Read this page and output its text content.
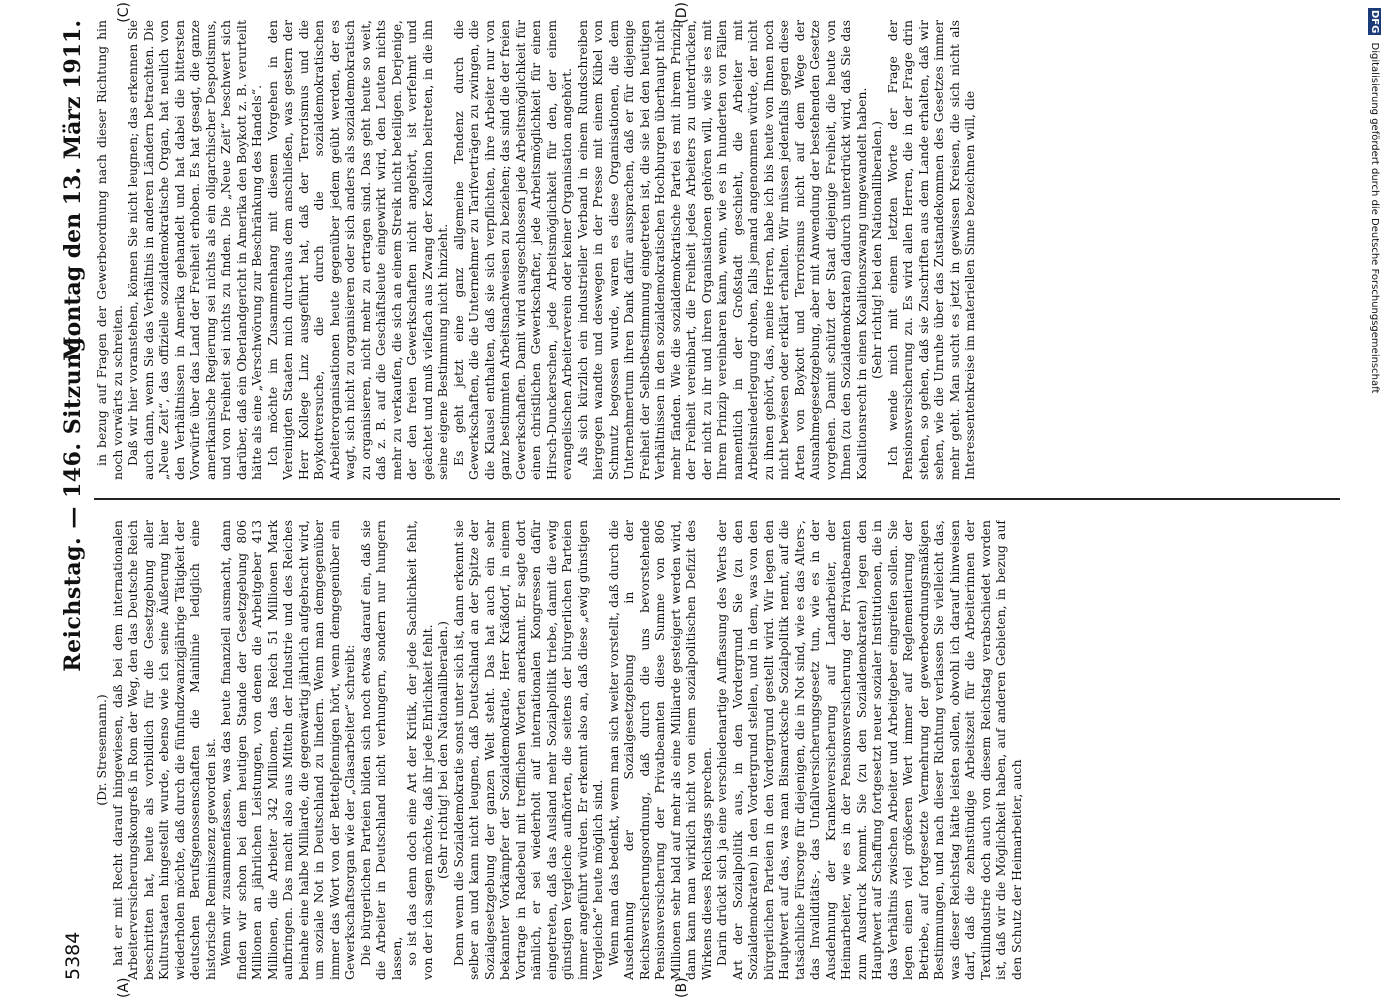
5384
Reichstag. — 146. Sitzung.
Montag den 13. März 1911.
(A)	(B)
(C)	(D)

(Dr. Stresemann.) hat er mit Recht darauf hingewiesen, daß bei dem internationalen Arbeiterversicherungskongreß in Rom der Weg, den das Deutsche Reich beschritten hat, heute als vorbildlich für die Gesetzgebung aller Kulturstaaten hingestellt wurde, ebenso wie ich seine Äußerung hier wiederholen möchte, daß durch die fünfundzwanzigjährige Tätigkeit der deutschen Berufsgenossenschaften die Mainlinie lediglich eine historische Reminiszenz geworden ist. Wenn wir zusammenfassen, was das heute finanziell ausmacht, dann finden wir schon bei dem heutigen Stande der Gesetzgebung 806 Millionen an jährlichen Leistungen, von denen die Arbeitgeber 413 Millionen, die Arbeiter 342 Millionen, das Reich 51 Millionen Mark aufbringen. Das macht also aus Mitteln der Industrie und des Reiches beinahe eine halbe Milliarde, die gegenwärtig jährlich aufgebracht wird, um soziale Not in Deutschland zu lindern. Wenn man demgegenüber immer das Wort von der Bettelpfennigen hört, wenn demgegenüber ein Gewerkschaftsorgan wie der „Glasarbeiter“ schreibt: Die bürgerlichen Parteien bilden sich noch etwas darauf ein, daß sie die Arbeiter in Deutschland nicht verhungern, sondern nur hungern lassen, so ist das denn doch eine Art der Kritik, der jede Sachlichkeit fehlt, von der ich sagen möchte, daß ihr jede Ehrlichkeit fehlt. (Sehr richtig! bei den Nationalliberalen.) Denn wenn die Sozialdemokratie sonst unter sich ist, dann erkennt sie selber an und kann nicht leugnen, daß Deutschland an der Spitze der Sozialgesetzgebung der ganzen Welt steht. Das hat auch ein sehr bekannter Vorkämpfer der Sozialdemokratie, Herr Kräßdorf, in einem Vortrage in Radebeul mit trefflichen Worten anerkannt. Er sagte dort nämlich, er sei wiederholt auf internationalen Kongressen dafür eingetreten, daß das Ausland mehr Sozialpolitik triebe, damit die ewig günstigen Vergleiche aufhörten, die seitens der bürgerlichen Parteien immer angeführt würden. Er erkennt also an, daß diese „ewig günstigen Vergleiche“ heute möglich sind. Wenn man das bedenkt, wenn man sich weiter vorstellt, daß durch die Ausdehnung der Sozialgesetzgebung in der Reichsversicherungsordnung, daß durch die uns bevorstehende Pensionsversicherung der Privatbeamten diese Summe von 806 Millionen sehr bald auf mehr als eine Milliarde gesteigert werden wird, dann kann man wirklich nicht von einem sozialpolitischen Defizit des Wirkens dieses Reichstags sprechen. Darin drückt sich ja eine verschiedenartige Auffassung des Werts der Art der Sozialpolitik aus, in den Vordergrund Sie (zu den Sozialdemokraten) in den Vordergrund stellen, und in dem, was von den bürgerlichen Parteien in den Vordergrund gestellt wird. Wir legen den Hauptwert auf das, was man Bismarcksche Sozialpolitik nennt, auf die tatsächliche Fürsorge für diejenigen, die in Not sind, wie es das Alters-, das Invaliditäts-, das Unfallversicherungsgesetz tun, wie es in der Ausdehnung der Krankenversicherung auf Landarbeiter, der Heimarbeiter, wie es in der Pensionsversicherung der Privatbeamten zum Ausdruck kommt. Sie (zu den Sozialdemokraten) legen den Hauptwert auf Schaffung fortgesetzt neuer sozialer Institutionen, die in das Verhältnis zwischen Arbeiter und Arbeitgeber eingreifen sollen. Sie legen einen viel größeren Wert immer auf Reglementierung der Betriebe, auf fortgesetzte Vermehrung der gewerbeordnungsmäßigen Bestimmungen, und nach dieser Richtung verlassen Sie vielleicht das, was dieser Reichstag hätte leisten sollen, obwohl ich darauf hinweisen darf, daß die zehnstündige Arbeitszeit für die Arbeiterinnen der Textilindustrie doch auch von diesem Reichstag verabschiedet worden ist, daß wir die Möglichkeit haben, auf anderen Gebieten, in bezug auf den Schutz der Heimarbeiter, auch

in bezug auf Fragen der Gewerbeordnung nach dieser Richtung hin noch vorwärts zu schreiten. Daß wir hier voranstehen, können Sie nicht leugnen; das erkennen Sie auch dann, wenn Sie das Verhältnis in anderen Ländern betrachten. Die „Neue Zeit“, das offizielle sozialdemokratische Organ, hat neulich von den Verhältnissen in Amerika gehandelt und hat dabei die bittersten Vorwürfe über das Land der Freiheit erhoben. Es hat gesagt, die ganze amerikanische Regierung sei nichts als ein oligarchischer Despotismus, und von Freiheit sei nichts zu finden. Die „Neue Zeit“ beschwert sich darüber, daß ein Oberlandgericht in Amerika den Boykott z. B. verurteilt hätte als eine „Verschwörung zur Beschränkung des Handels“. Ich möchte im Zusammenhang mit diesem Vorgehen in den Vereinigten Staaten mich durchaus dem anschließen, was gestern der Herr Kollege Linz ausgeführt hat, daß der Terrorismus und die Boykottversuche, die durch die sozialdemokratischen Arbeiterorganisationen heute gegenüber jedem geübt werden, der es wagt, sich nicht zu organisieren oder sich anders als sozialdemokratisch zu organisieren, nicht mehr zu ertragen sind. Das geht heute so weit, daß z. B. auf die Geschäftsleute eingewirkt wird, den Leuten nichts mehr zu verkaufen, die sich an einem Streik nicht beteiligen. Derjenige, der den freien Gewerkschaften nicht angehört, ist verfehmt und geächtet und muß vielfach aus Zwang der Koalition beitreten, in die ihn seine eigene Bestimmung nicht hinzieht. Es geht jetzt eine ganz allgemeine Tendenz durch die Gewerkschaften, die die Unternehmer zu Tarifverträgen zu zwingen, die die Klausel enthalten, daß sie sich verpflichten, ihre Arbeiter nur von ganz bestimmten Arbeitsnachweisen zu beziehen; das sind die der freien Gewerkschaften. Damit wird ausgeschlossen jede Arbeitsmöglichkeit für einen christlichen Gewerkschafter, jede Arbeitsmöglichkeit für einen Hirsch-Dunckerschen, jede Arbeitsmöglichkeit für den, der einem evangelischen Arbeiterverein oder keiner Organisation angehört. Als sich kürzlich ein industrieller Verband in einem Rundschreiben hiergegen wandte und deswegen in der Presse mit einem Kübel von Schmutz begossen wurde, waren es diese Organisationen, die dem Unternehmertum ihren Dank dafür aussprachen, daß er für diejenige Freiheit der Selbstbestimmung eingetreten ist, die sie bei den heutigen Verhältnissen in den sozialdemokratischen Hochburgen überhaupt nicht mehr fänden. Wie die sozialdemokratische Partei es mit ihrem Prinzip der Freiheit vereinbart, die Freiheit jedes Arbeiters zu unterdrücken, der nicht zu ihr und ihren Organisationen gehören will, wie sie es mit Ihrem Prinzip vereinbaren kann, wenn, wie es in hunderten von Fällen namentlich in der Großstadt geschieht, die Arbeiter mit Arbeitsniederlegung drohen, falls jemand angenommen würde, der nicht zu ihnen gehört, das, meine Herren, habe ich bis heute von Ihnen noch nicht bewiesen oder erklärt erhalten. Wir müssen jedenfalls gegen diese Arten von Boykott und Terrorismus nicht auf dem Wege der Ausnahmegesetzgebung, aber mit Anwendung der bestehenden Gesetze vorgehen. Damit schützt der Staat diejenige Freiheit, die heute von Ihnen (zu den Sozialdemokraten) dadurch unterdrückt wird, daß Sie das Koalitionsrecht in einen Koalitionszwang umgewandelt haben. (Sehr richtig! bei den Nationalliberalen.) Ich wende mich mit einem letzten Worte der Frage der Pensionsversicherung zu. Es wird allen Herren, die in der Frage drin stehen, so gehen, daß sie Zuschriften aus dem Lande erhalten, daß wir sehen, wie die Unruhe über das Zustandekommen des Gesetzes immer mehr geht. Man sucht es jetzt in gewissen Kreisen, die sich nicht als Interessentenkreise im materiellen Sinne bezeichnen will, die

DFG Digitalisierung gefördert durch die Deutsche Forschungsgemeinschaft
